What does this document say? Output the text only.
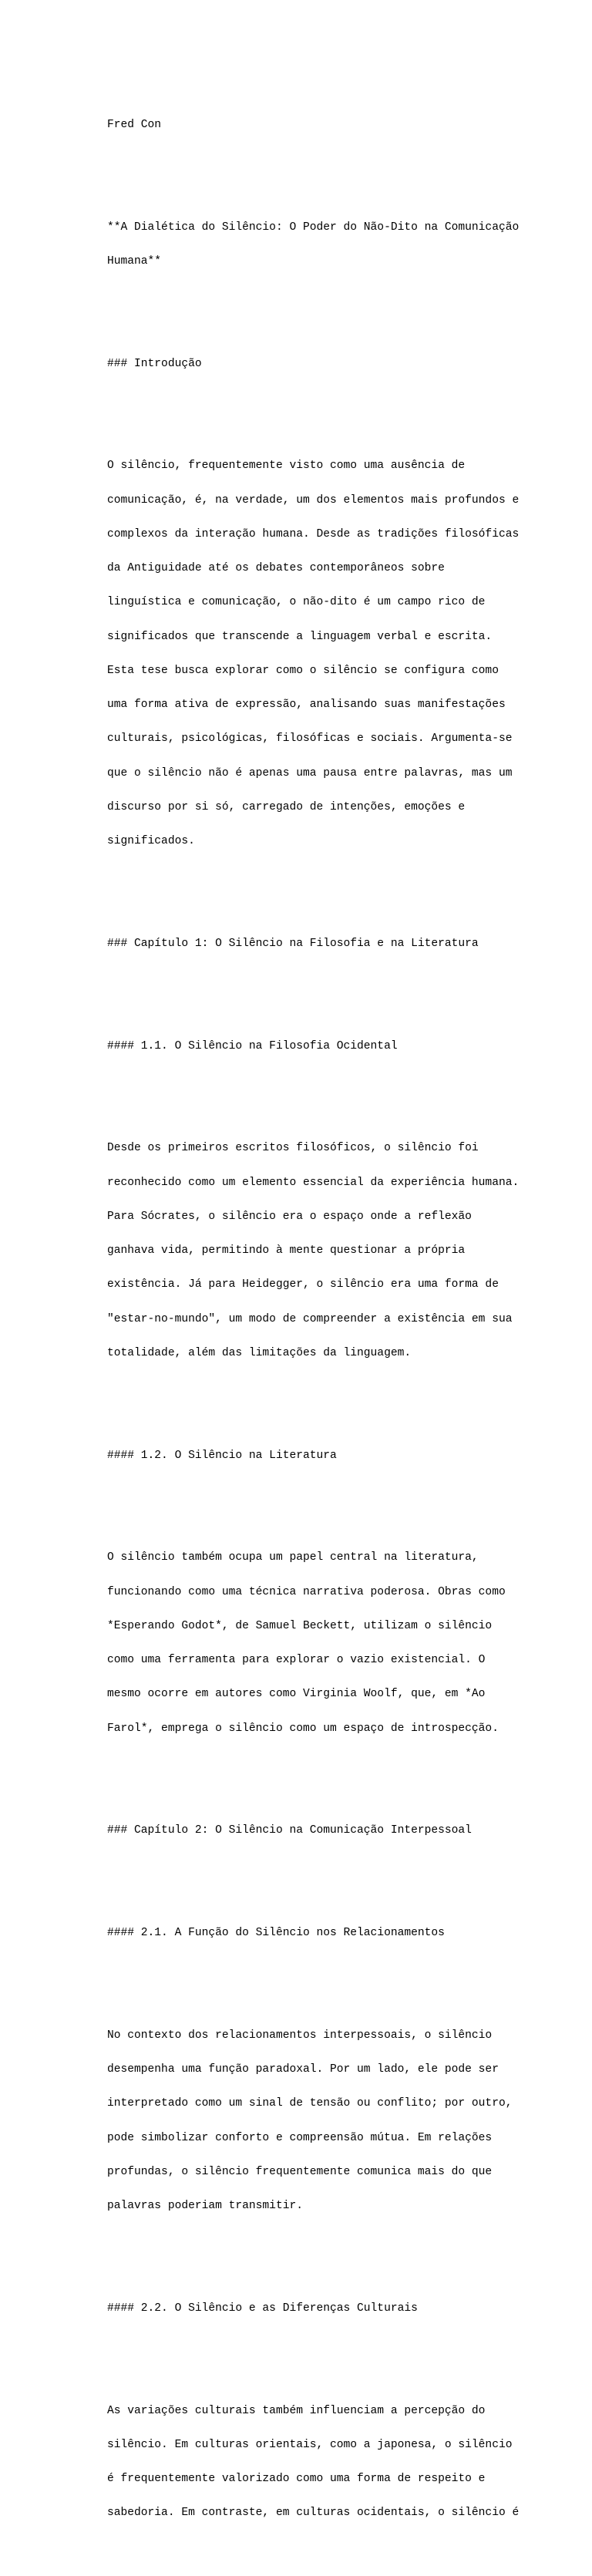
Fred Con

**A Dialética do Silêncio: O Poder do Não-Dito na Comunicação

Humana**

### Introdução

O silêncio, frequentemente visto como uma ausência de

comunicação, é, na verdade, um dos elementos mais profundos e

complexos da interação humana. Desde as tradições filosóficas

da Antiguidade até os debates contemporâneos sobre

linguística e comunicação, o não-dito é um campo rico de

significados que transcende a linguagem verbal e escrita.

Esta tese busca explorar como o silêncio se configura como

uma forma ativa de expressão, analisando suas manifestações

culturais, psicológicas, filosóficas e sociais. Argumenta-se

que o silêncio não é apenas uma pausa entre palavras, mas um

discurso por si só, carregado de intenções, emoções e

significados.

### Capítulo 1: O Silêncio na Filosofia e na Literatura

#### 1.1. O Silêncio na Filosofia Ocidental

Desde os primeiros escritos filosóficos, o silêncio foi

reconhecido como um elemento essencial da experiência humana.

Para Sócrates, o silêncio era o espaço onde a reflexão

ganhava vida, permitindo à mente questionar a própria

existência. Já para Heidegger, o silêncio era uma forma de

"estar-no-mundo", um modo de compreender a existência em sua

totalidade, além das limitações da linguagem.

#### 1.2. O Silêncio na Literatura

O silêncio também ocupa um papel central na literatura,

funcionando como uma técnica narrativa poderosa. Obras como

*Esperando Godot*, de Samuel Beckett, utilizam o silêncio

como uma ferramenta para explorar o vazio existencial. O

mesmo ocorre em autores como Virginia Woolf, que, em *Ao

Farol*, emprega o silêncio como um espaço de introspecção.

### Capítulo 2: O Silêncio na Comunicação Interpessoal

#### 2.1. A Função do Silêncio nos Relacionamentos

No contexto dos relacionamentos interpessoais, o silêncio

desempenha uma função paradoxal. Por um lado, ele pode ser

interpretado como um sinal de tensão ou conflito; por outro,

pode simbolizar conforto e compreensão mútua. Em relações

profundas, o silêncio frequentemente comunica mais do que

palavras poderiam transmitir.

#### 2.2. O Silêncio e as Diferenças Culturais

As variações culturais também influenciam a percepção do

silêncio. Em culturas orientais, como a japonesa, o silêncio

é frequentemente valorizado como uma forma de respeito e

sabedoria. Em contraste, em culturas ocidentais, o silêncio é
